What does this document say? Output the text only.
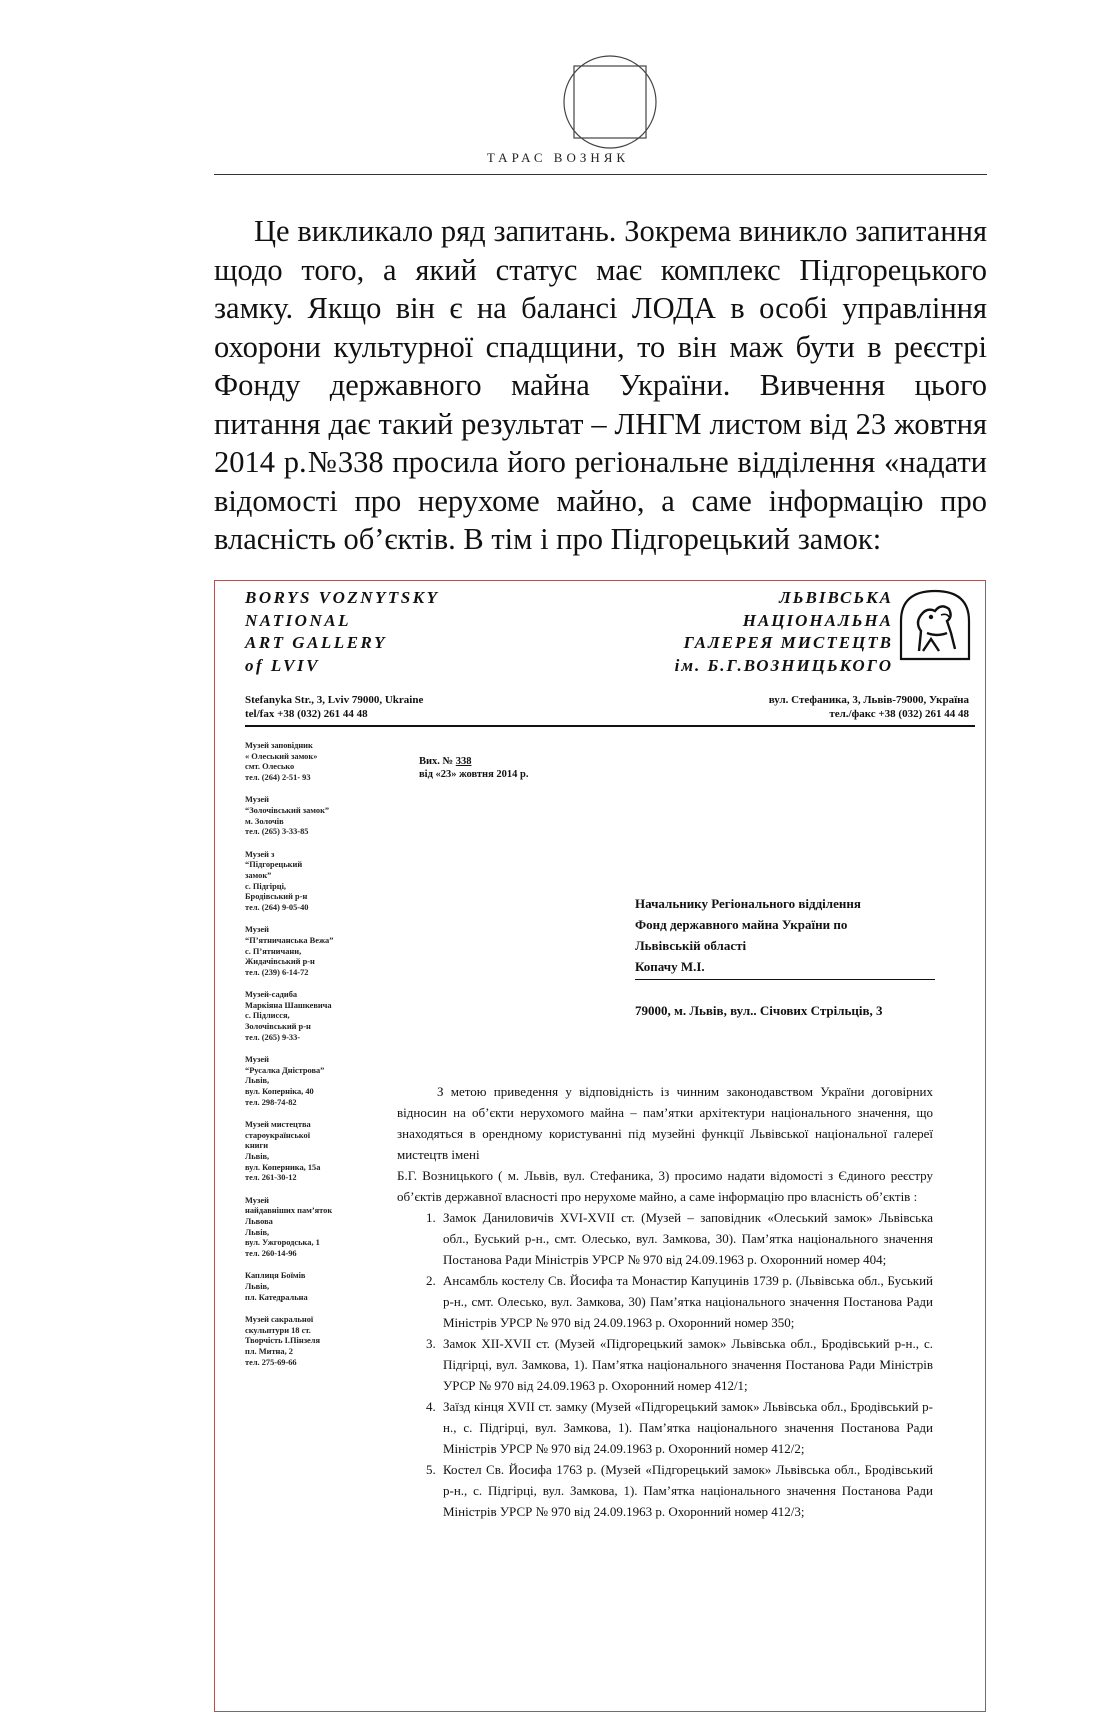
ТАРАС ВОЗНЯК

Це викликало ряд запитань. Зокрема виникло запитання щодо того, а який статус має комплекс Підгорецького замку. Якщо він є на балансі ЛОДА в особі управління охорони культурної спадщини, то він маж бути в реєстрі Фонду державного майна України. Вивчення цього питання дає такий результат – ЛНГМ листом від 23 жовтня 2014 р.№338 просила його регіональне відділення «надати відомості про нерухоме майно, а саме інформацію про власність об’єктів. В тім і про Підгорецький замок:

BORYS VOZNYTSKY
NATIONAL
ART GALLERY
of LVIV
ЛЬВІВСЬКА
НАЦІОНАЛЬНА
ГАЛЕРЕЯ МИСТЕЦТВ
ім. Б.Г.ВОЗНИЦЬКОГО
Stefanyka Str., 3, Lviv 79000, Ukraine
tel/fax +38 (032) 261 44 48
вул. Стефаника, 3, Львів-79000, Україна
тел./факс +38 (032) 261 44 48
Музей заповідник
« Олеський замок»
смт. Олесько
тел. (264) 2-51- 93
Музей
“Золочівський замок”
м. Золочів
тел. (265) 3-33-85
Музей з
“Підгорецький
замок”
с. Підгірці,
Бродівський р-н
тел. (264) 9-05-40
Музей
“П’ятничанська Вежа”
с. П’ятничани,
Жидачівський р-н
тел. (239) 6-14-72
Музей-садиба
Маркіяна Шашкевича
с. Підлисся,
Золочівський р-н
тел. (265) 9-33-
Музей
“Русалка Дністрова”
Львів,
вул. Коперніка, 40
тел. 298-74-82
Музей мистецтва
староукраїнської
книги
Львів,
вул. Коперника, 15а
тел. 261-30-12
Музей
найдавніших пам’яток
Львова
Львів,
вул. Ужгородська, 1
тел. 260-14-96
Каплиця Боїмів
Львів,
пл. Катедральна
Музей сакральної
скульптури 18 ст.
Творчість І.Пінзеля
пл. Митна, 2
тел. 275-69-66
Вих. № 338
від «23» жовтня 2014 р.
Начальнику Регіонального відділення
Фонд державного майна України по
Львівській області
Копачу М.І.
79000, м. Львів, вул.. Січових Стрільців, 3

З метою приведення у відповідність із чинним законодавством України договірних відносин на об’єкти нерухомого майна – пам’ятки архітектури національного значення, що знаходяться в орендному користуванні під музейні функції Львівської національної галереї мистецтв імені

Б.Г. Возницького ( м. Львів, вул. Стефаника, 3) просимо надати відомості з Єдиного реєстру об’єктів державної власності про нерухоме майно, а саме інформацію про власність об’єктів :

1. Замок Даниловичів XVI-XVII ст. (Музей – заповідник «Олеський замок» Львівська обл., Буський р-н., смт. Олесько, вул. Замкова, 30). Пам’ятка національного значення Постанова Ради Міністрів УРСР № 970 від 24.09.1963 р. Охоронний номер 404;
2. Ансамбль костелу Св. Йосифа та Монастир Капуцинів 1739 р. (Львівська обл., Буський р-н., смт. Олесько, вул. Замкова, 30) Пам’ятка національного значення Постанова Ради Міністрів УРСР № 970 від 24.09.1963 р. Охоронний номер 350;
3. Замок XII-XVII ст. (Музей «Підгорецький замок» Львівська обл., Бродівський р-н., с. Підгірці, вул. Замкова, 1). Пам’ятка національного значення Постанова Ради Міністрів УРСР № 970 від 24.09.1963 р. Охоронний номер 412/1;
4. Заїзд кінця XVII ст. замку (Музей «Підгорецький замок» Львівська обл., Бродівський р-н., с. Підгірці, вул. Замкова, 1). Пам’ятка національного значення Постанова Ради Міністрів УРСР № 970 від 24.09.1963 р. Охоронний номер 412/2;
5. Костел Св. Йосифа 1763 р. (Музей «Підгорецький замок» Львівська обл., Бродівський р-н., с. Підгірці, вул. Замкова, 1). Пам’ятка національного значення Постанова Ради Міністрів УРСР № 970 від 24.09.1963 р. Охоронний номер 412/3;
